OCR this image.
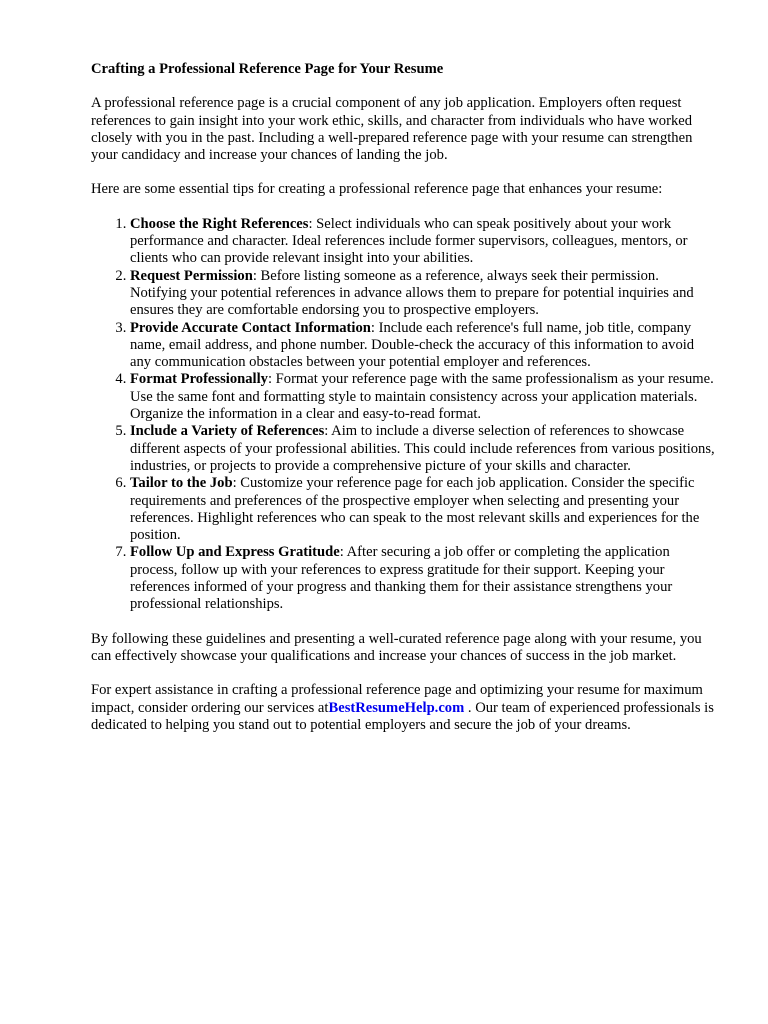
Crafting a Professional Reference Page for Your Resume

A professional reference page is a crucial component of any job application. Employers often request references to gain insight into your work ethic, skills, and character from individuals who have worked closely with you in the past. Including a well-prepared reference page with your resume can strengthen your candidacy and increase your chances of landing the job.

Here are some essential tips for creating a professional reference page that enhances your resume:

1. Choose the Right References: Select individuals who can speak positively about your work performance and character. Ideal references include former supervisors, colleagues, mentors, or clients who can provide relevant insight into your abilities.
2. Request Permission: Before listing someone as a reference, always seek their permission. Notifying your potential references in advance allows them to prepare for potential inquiries and ensures they are comfortable endorsing you to prospective employers.
3. Provide Accurate Contact Information: Include each reference's full name, job title, company name, email address, and phone number. Double-check the accuracy of this information to avoid any communication obstacles between your potential employer and references.
4. Format Professionally: Format your reference page with the same professionalism as your resume. Use the same font and formatting style to maintain consistency across your application materials. Organize the information in a clear and easy-to-read format.
5. Include a Variety of References: Aim to include a diverse selection of references to showcase different aspects of your professional abilities. This could include references from various positions, industries, or projects to provide a comprehensive picture of your skills and character.
6. Tailor to the Job: Customize your reference page for each job application. Consider the specific requirements and preferences of the prospective employer when selecting and presenting your references. Highlight references who can speak to the most relevant skills and experiences for the position.
7. Follow Up and Express Gratitude: After securing a job offer or completing the application process, follow up with your references to express gratitude for their support. Keeping your references informed of your progress and thanking them for their assistance strengthens your professional relationships.

By following these guidelines and presenting a well-curated reference page along with your resume, you can effectively showcase your qualifications and increase your chances of success in the job market.

For expert assistance in crafting a professional reference page and optimizing your resume for maximum impact, consider ordering our services atBestResumeHelp.com . Our team of experienced professionals is dedicated to helping you stand out to potential employers and secure the job of your dreams.
